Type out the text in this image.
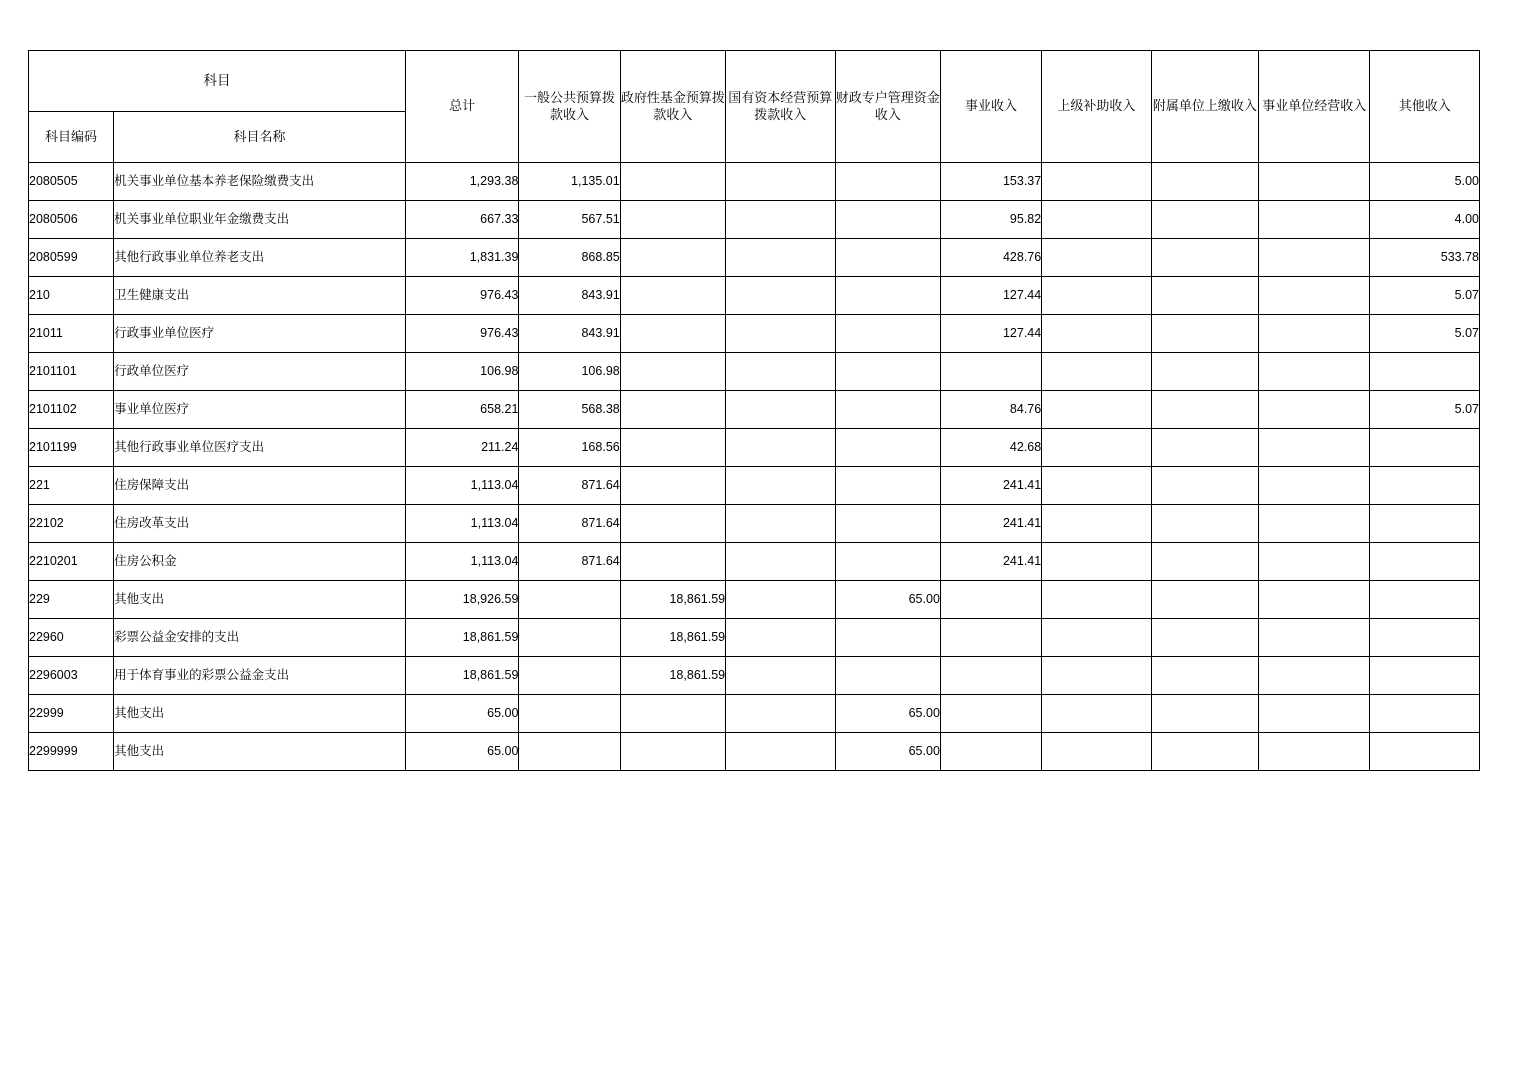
科目		总计	一般公共预算拨款收入	政府性基金预算拨款收入	国有资本经营预算拨款收入	财政专户管理资金收入	事业收入	上级补助收入	附属单位上缴收入	事业单位经营收入	其他收入
科目编码	科目名称										
2080505	机关事业单位基本养老保险缴费支出	1,293.38	1,135.01				153.37				5.00
2080506	机关事业单位职业年金缴费支出	667.33	567.51				95.82				4.00
2080599	其他行政事业单位养老支出	1,831.39	868.85				428.76				533.78
210	卫生健康支出	976.43	843.91				127.44				5.07
21011	行政事业单位医疗	976.43	843.91				127.44				5.07
2101101	行政单位医疗	106.98	106.98								
2101102	事业单位医疗	658.21	568.38				84.76				5.07
2101199	其他行政事业单位医疗支出	211.24	168.56				42.68				
221	住房保障支出	1,113.04	871.64				241.41				
22102	住房改革支出	1,113.04	871.64				241.41				
2210201	住房公积金	1,113.04	871.64				241.41				
229	其他支出	18,926.59		18,861.59		65.00					
22960	彩票公益金安排的支出	18,861.59		18,861.59							
2296003	用于体育事业的彩票公益金支出	18,861.59		18,861.59							
22999	其他支出	65.00				65.00					
2299999	其他支出	65.00				65.00					
